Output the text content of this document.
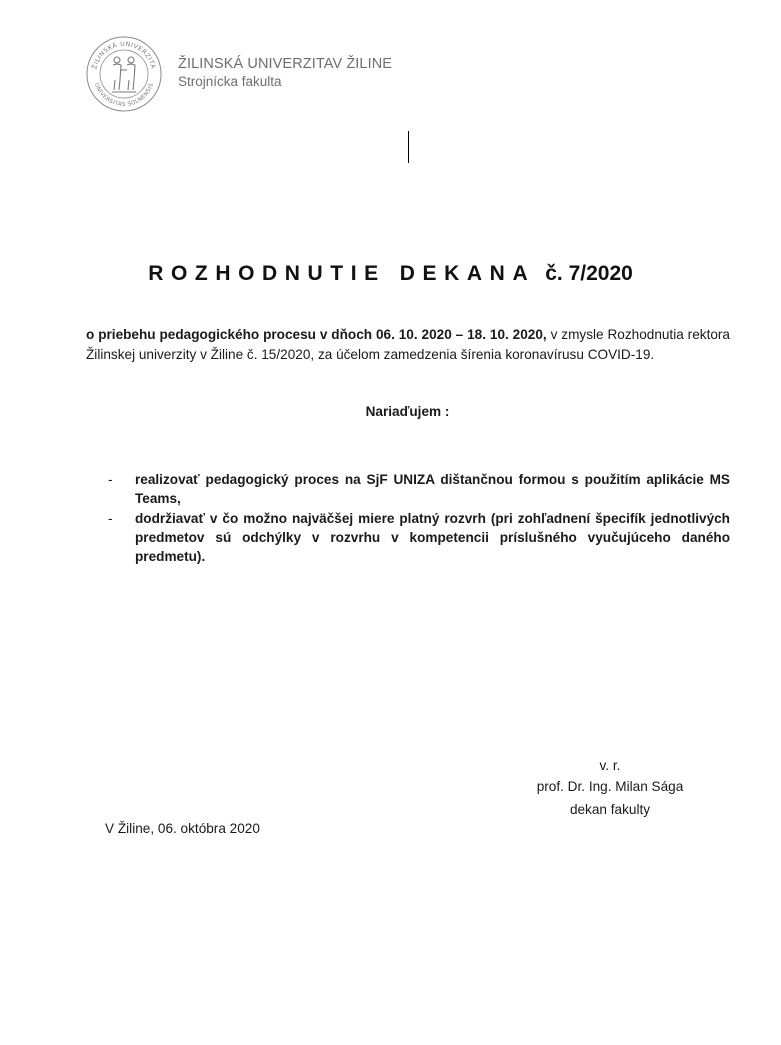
ŽILINSKÁ UNIVERZITA
UNIVERSITAS SOLNENSIS
ŽILINSKÁ UNIVERZITAV ŽILINE
Strojnícka fakulta
ROZHODNUTIE DEKANA č. 7/2020
o priebehu pedagogického procesu v dňoch 06. 10. 2020 – 18. 10. 2020, v zmysle Rozhodnutia rektora Žilinskej univerzity v Žiline č. 15/2020, za účelom zamedzenia šírenia koronavírusu COVID-19.
Nariaďujem :
- realizovať pedagogický proces na SjF UNIZA dištančnou formou s použitím aplikácie MS Teams,
- dodržiavať v čo možno najväčšej miere platný rozvrh (pri zohľadnení špecifík jednotlivých predmetov sú odchýlky v rozvrhu v kompetencii príslušného vyučujúceho daného predmetu).
v. r.
prof. Dr. Ing. Milan Sága
dekan fakulty
V Žiline, 06. októbra 2020
